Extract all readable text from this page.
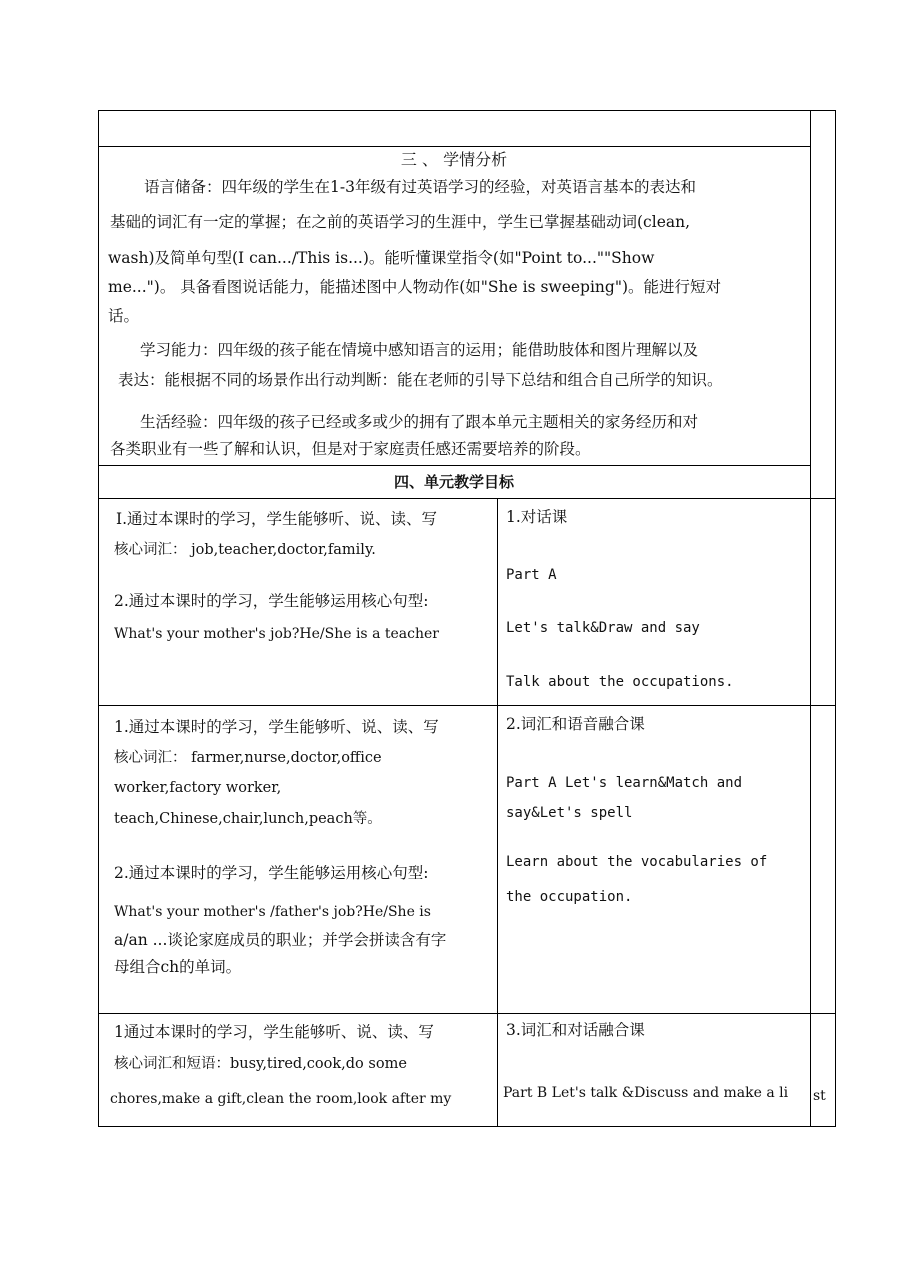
三 、 学情分析
语言储备：四年级的学生在1-3年级有过英语学习的经验，对英语言基本的表达和
基础的词汇有一定的掌握；在之前的英语学习的生涯中，学生已掌握基础动词(clean,
wash)及简单句型(I can.../This is...)。能听懂课堂指令(如"Point to...""Show
me...")。 具备看图说话能力，能描述图中人物动作(如"She is sweeping")。能进行短对
话。
学习能力：四年级的孩子能在情境中感知语言的运用；能借助肢体和图片理解以及
表达：能根据不同的场景作出行动判断：能在老师的引导下总结和组合自己所学的知识。
生活经验：四年级的孩子已经或多或少的拥有了跟本单元主题相关的家务经历和对
各类职业有一些了解和认识，但是对于家庭责任感还需要培养的阶段。
四、单元教学目标
I.通过本课时的学习，学生能够听、说、读、写
核心词汇： job,teacher,doctor,family.
2.通过本课时的学习，学生能够运用核心句型:
What's your mother's job?He/She is a teacher
1.对话课
Part A
Let's talk&Draw and say
Talk about the occupations.
1.通过本课时的学习，学生能够听、说、读、写
核心词汇： farmer,nurse,doctor,office
worker,factory worker,
teach,Chinese,chair,lunch,peach等。
2.通过本课时的学习，学生能够运用核心句型:
What's your mother's /father's job?He/She is
a/an ...谈论家庭成员的职业；并学会拼读含有字
母组合ch的单词。
2.词汇和语音融合课
Part A Let's learn&Match and
say&Let's spell
Learn about the vocabularies of
the occupation.
1通过本课时的学习，学生能够听、说、读、写
核心词汇和短语：busy,tired,cook,do some
chores,make a gift,clean the room,look after my
3.词汇和对话融合课
Part B Let's talk &Discuss and make a li st
